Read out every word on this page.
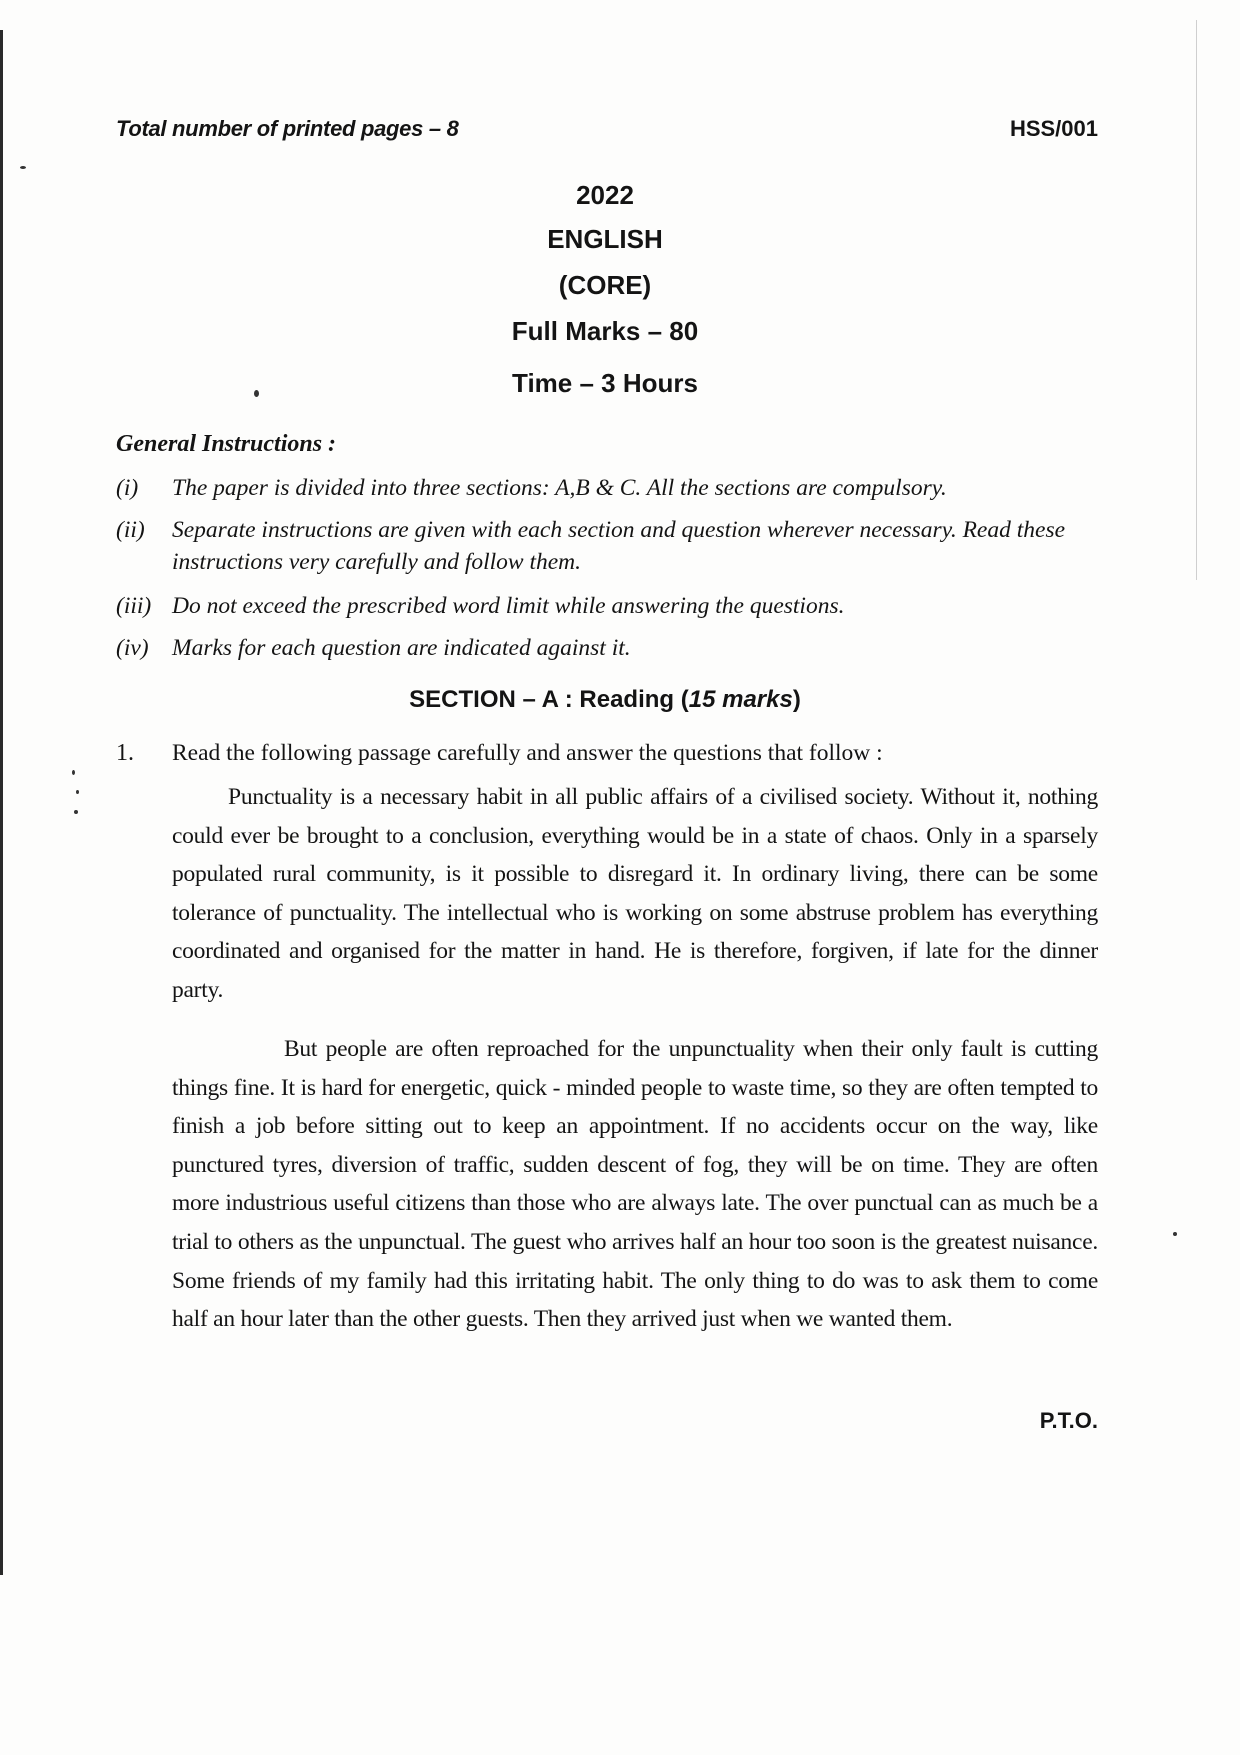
Total number of printed pages – 8	HSS/001
2022
ENGLISH
(CORE)
Full Marks – 80
Time – 3 Hours
General Instructions :
(i) The paper is divided into three sections: A,B & C. All the sections are compulsory.
(ii) Separate instructions are given with each section and question wherever necessary. Read these instructions very carefully and follow them.
(iii) Do not exceed the prescribed word limit while answering the questions.
(iv) Marks for each question are indicated against it.
SECTION – A : Reading (15 marks)
1. Read the following passage carefully and answer the questions that follow :
Punctuality is a necessary habit in all public affairs of a civilised society. Without it, nothing could ever be brought to a conclusion, everything would be in a state of chaos. Only in a sparsely populated rural community, is it possible to disregard it. In ordinary living, there can be some tolerance of punctuality. The intellectual who is working on some abstruse problem has everything coordinated and organised for the matter in hand. He is therefore, forgiven, if late for the dinner party.
But people are often reproached for the unpunctuality when their only fault is cutting things fine. It is hard for energetic, quick - minded people to waste time, so they are often tempted to finish a job before sitting out to keep an appointment. If no accidents occur on the way, like punctured tyres, diversion of traffic, sudden descent of fog, they will be on time. They are often more industrious useful citizens than those who are always late. The over punctual can as much be a trial to others as the unpunctual. The guest who arrives half an hour too soon is the greatest nuisance. Some friends of my family had this irritating habit. The only thing to do was to ask them to come half an hour later than the other guests. Then they arrived just when we wanted them.
P.T.O.
